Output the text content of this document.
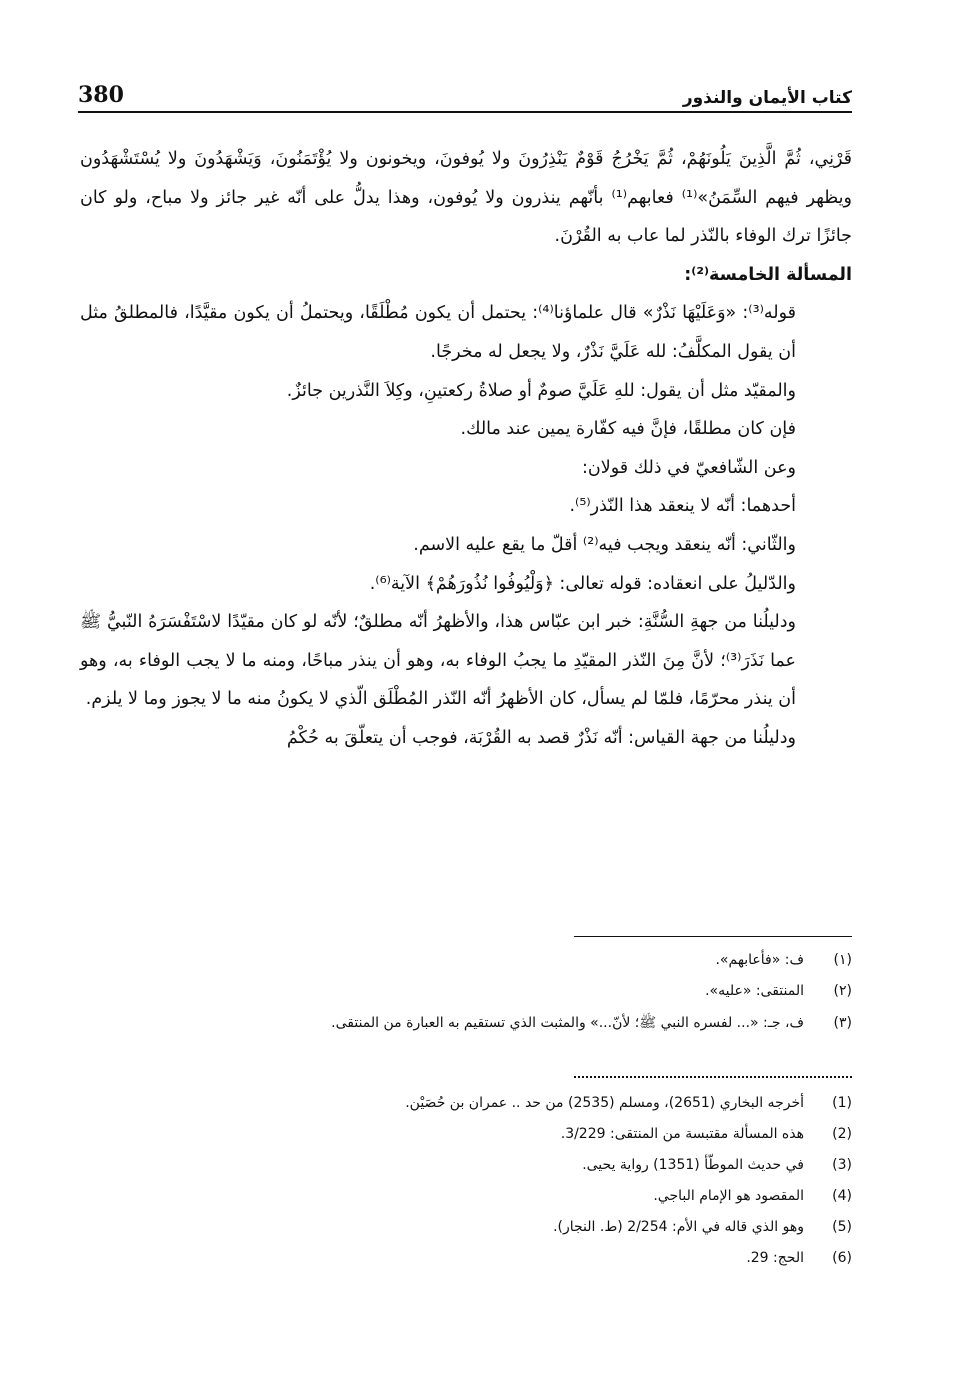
380	كتاب الأيمان والنذور

قَرْنِي، ثُمَّ الَّذِينَ يَلُونَهُمْ، ثُمَّ يَخْرُجُ قَوْمٌ يَنْذِرُونَ ولا يُوفونَ، ويخونون ولا يُؤْتَمَنُونَ، وَيَشْهَدُونَ ولا يُسْتَشْهَدُون ويظهر فيهم السِّمَنُ»⁽¹⁾ فعابهم⁽¹⁾ بأنّهم ينذرون ولا يُوفون، وهذا يدلُّ على أنّه غير جائز ولا مباح، ولو كان جائزًا ترك الوفاء بالنّذر لما عاب به القُرْنَ.

المسألة الخامسة⁽²⁾:

قوله⁽³⁾: «وَعَلَيْهَا نَذْرٌ» قال علماؤنا⁽⁴⁾: يحتمل أن يكون مُطْلَقًا، ويحتملُ أن يكون مقيَّدًا، فالمطلقُ مثل أن يقول المكلَّفُ: لله عَلَيَّ نَذْرٌ، ولا يجعل له مخرجًا.

والمقيّد مثل أن يقول: للهِ عَلَيَّ صومٌ أو صلاةُ ركعتينِ، وكِلاَ النَّذرين جائزٌ.

فإن كان مطلقًا، فإنَّ فيه كفّارة يمين عند مالك.

وعن الشّافعيّ في ذلك قولان:

أحدهما: أنّه لا ينعقد هذا النّذر⁽⁵⁾.

والثّاني: أنّه ينعقد ويجب فيه⁽²⁾ أقلّ ما يقع عليه الاسم.

والدّليلُ على انعقاده: قوله تعالى: ﴿وَلْيُوفُوا نُذُورَهُمْ﴾ الآية⁽⁶⁾.

ودليلُنا من جهةِ السُّنَّةِ: خبر ابن عبّاس هذا، والأظهرُ أنّه مطلقٌ؛ لأنّه لو كان مقيّدًا لاسْتَفْسَرَهُ النّبيُّ ﷺ عما نَذَرَ⁽³⁾؛ لأنَّ مِنَ النّذر المقيّدِ ما يجبُ الوفاء به، وهو أن ينذر مباحًا، ومنه ما لا يجب الوفاء به، وهو أن ينذر محرّمًا، فلمّا لم يسأل، كان الأظهرُ أنّه النّذر المُطْلَق الّذي لا يكونُ منه ما لا يجوز وما لا يلزم.

ودليلُنا من جهة القياس: أنّه نَذْرٌ قصد به القُرْبَة، فوجب أن يتعلّقَ به حُكْمُ

(١)
ف: «فأعابهم».
(٢)
المنتقى: «عليه».
(٣)
ف، جـ: «... لفسره النبي ﷺ؛ لأنّ...» والمثبت الذي تستقيم به العبارة من المنتقى.
(1)
أخرجه البخاري (2651)، ومسلم (2535) من حد .. عمران بن حُصَيْن.
(2)
هذه المسألة مقتبسة من المنتقى: 3/229.
(3)
في حديث الموطّأ (1351) رواية يحيى.
(4)
المقصود هو الإمام الباجي.
(5)
وهو الذي قاله في الأم: 2/254 (ط. النجار).
(6)
الحج: 29.
